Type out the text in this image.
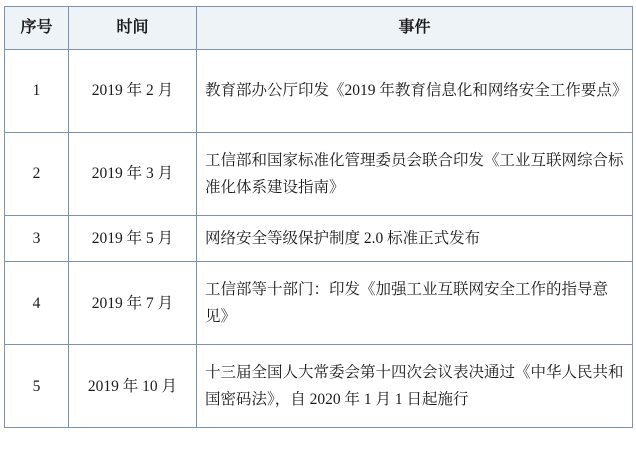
序号	时间	事件
1	2019 年 2 月	教育部办公厅印发《2019 年教育信息化和网络安全工作要点》
2	2019 年 3 月	工信部和国家标准化管理委员会联合印发《工业互联网综合标准化体系建设指南》
3	2019 年 5 月	网络安全等级保护制度 2.0 标准正式发布
4	2019 年 7 月	工信部等十部门：印发《加强工业互联网安全工作的指导意见》
5	2019 年 10 月	十三届全国人大常委会第十四次会议表决通过《中华人民共和国密码法》，自 2020 年 1 月 1 日起施行
